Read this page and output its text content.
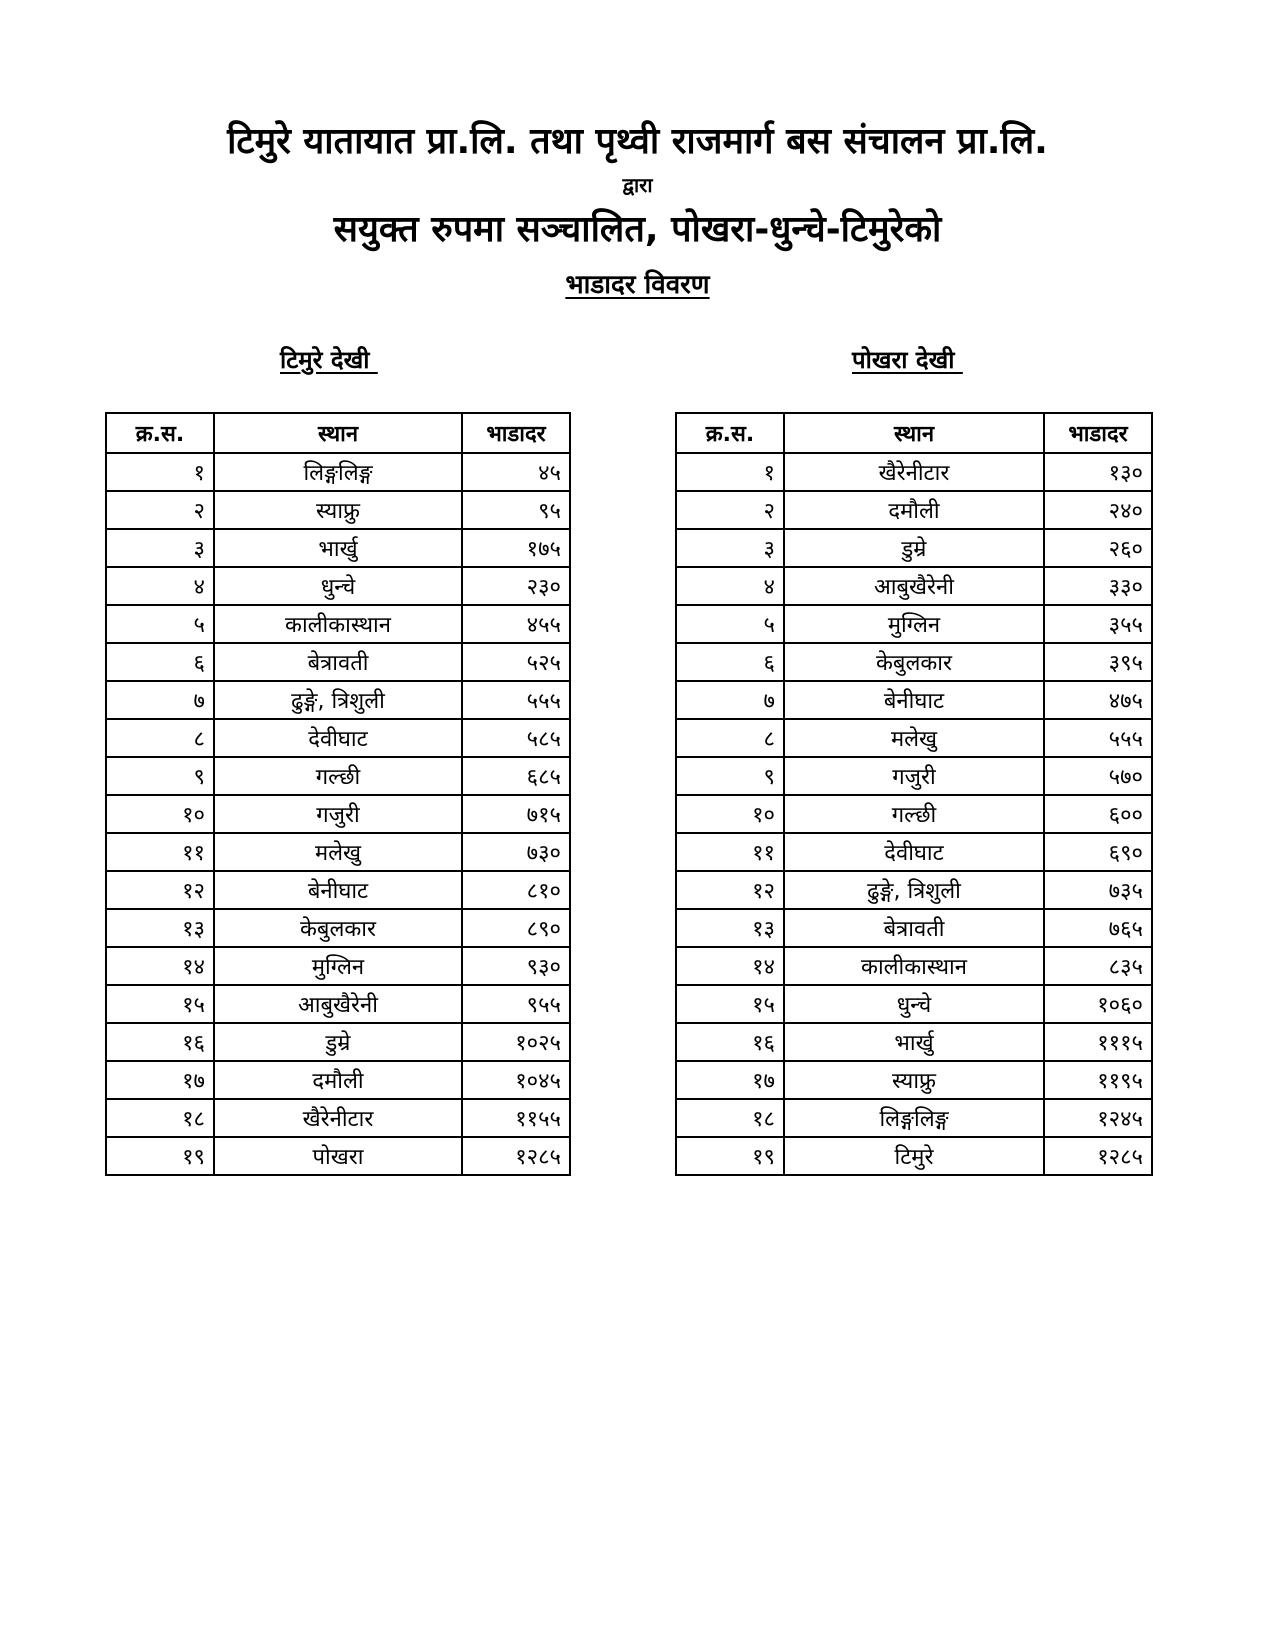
टिमुरे यातायात प्रा.लि. तथा पृथ्वी राजमार्ग बस संचालन प्रा.लि.
द्वारा
सयुक्त रुपमा सञ्चालित, पोखरा-धुन्चे-टिमुरेको
भाडादर विवरण
टिमुरे देखी	पोखरा देखी
क्र.स.	स्थान	भाडादर
१	लिङ्गलिङ्ग	४५
२	स्याफ्रु	९५
३	भार्खु	१७५
४	धुन्चे	२३०
५	कालीकास्थान	४५५
६	बेत्रावती	५२५
७	ढुङ्गे, त्रिशुली	५५५
८	देवीघाट	५८५
९	गल्छी	६८५
१०	गजुरी	७१५
११	मलेखु	७३०
१२	बेनीघाट	८१०
१३	केबुलकार	८९०
१४	मुग्लिन	९३०
१५	आबुखैरेनी	९५५
१६	डुम्रे	१०२५
१७	दमौली	१०४५
१८	खैरेनीटार	११५५
१९	पोखरा	१२८५
क्र.स.	स्थान	भाडादर
१	खैरेनीटार	१३०
२	दमौली	२४०
३	डुम्रे	२६०
४	आबुखैरेनी	३३०
५	मुग्लिन	३५५
६	केबुलकार	३९५
७	बेनीघाट	४७५
८	मलेखु	५५५
९	गजुरी	५७०
१०	गल्छी	६००
११	देवीघाट	६९०
१२	ढुङ्गे, त्रिशुली	७३५
१३	बेत्रावती	७६५
१४	कालीकास्थान	८३५
१५	धुन्चे	१०६०
१६	भार्खु	१११५
१७	स्याफ्रु	११९५
१८	लिङ्गलिङ्ग	१२४५
१९	टिमुरे	१२८५
